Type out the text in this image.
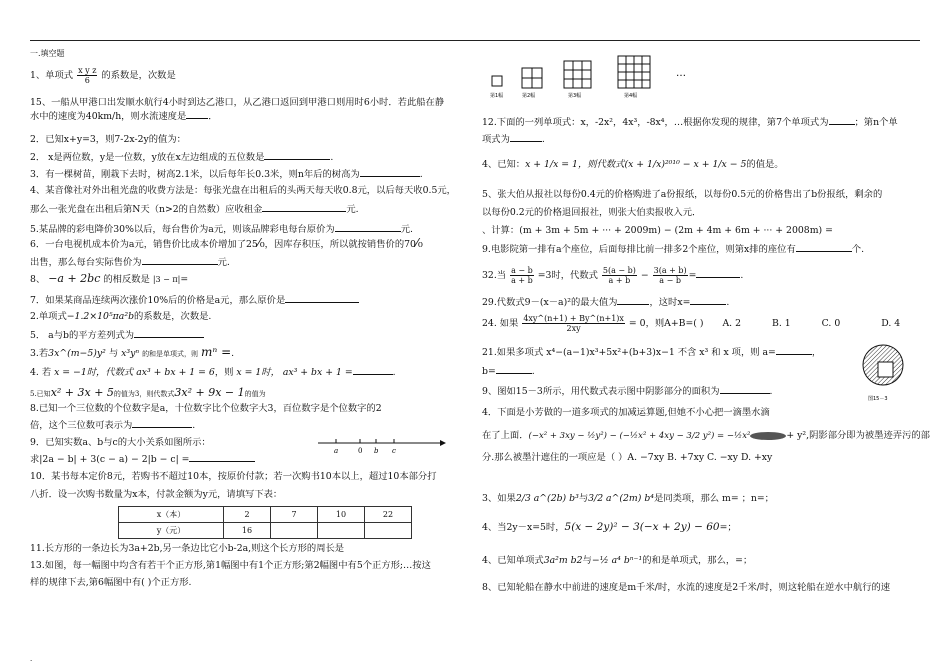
一.填空题
1、单项式 $\frac{\text{x y z}}{6}$ 的系数是，次数是
15、一船从甲港口出发顺水航行4小时到达乙港口，从乙港口返回到甲港口则用时6小时．若此船在静
水中的速度为40km/h，则水流速度是 ．
2．已知x+y=3，则7-2x-2y的值为：
2． x是两位数，y是一位数，y放在x左边组成的五位数是	.
3．有一棵树苗，刚栽下去时，树高2.1米，以后每年长0.3米，则n年后的树高为	.
4、某音像社对外出租光盘的收费方法是：每张光盘在出租后的头两天每天收0.8元，以后每天收0.5元，
那么一张光盘在出租后第N天（n>2的自然数）应收租金	元.
5.某品牌的彩电降价30%以后，每台售价为a元，则该品牌彩电每台原价为	元.
6．一台电视机成本价为a元，销售价比成本价增加了25⁄₀，因库存积压，所以就按销售价的70⁄₀
出售，那么每台实际售价为	元.
8、 −a + 2bc 的相反数是 |3 − π|=
7．如果某商品连续两次涨价10%后的价格是a元，那么原价是
2.单项式−1.2×10⁵πa²b的系数是，次数是.
5． a与b的平方差列式为
3.若3x^(m−5)y² 与 x³yⁿ 的和是单项式，则 mⁿ =.
4. 若 x = −1时，代数式 ax³ + bx + 1 = 6，则 x = 1时， ax³ + bx + 1 =	.
5.已知x² + 3x + 5的值为3，则代数式3x² + 9x − 1的值为
8.已知一个三位数的个位数字是a，十位数字比个位数字大3，百位数字是个位数字的2
倍，这个三位数可表示为	.
9．已知实数a、b与c的大小关系如图所示：
求|2a − b| + 3(c − a) − 2|b − c| =
a	0 b c
10．某书每本定价8元，若购书不超过10本，按原价付款；若一次购书10本以上，超过10本部分打
八折．设一次购书数量为x本，付款金额为y元，请填写下表：
x（本）	2	7	10	22
y（元）	16			
11.长方形的一条边长为3a+2b,另一条边比它小b-2a,则这个长方形的周长是
13.如图，每一幅图中均含有若干个正方形,第1幅图中有1个正方形;第2幅图中有5个正方形;…按这
样的规律下去,第6幅图中有( )个正方形.
…
第1幅	第2幅	第3幅	第4幅
12.下面的一列单项式：x，-2x²，4x³，-8x⁴，…根据你发现的规律，第7个单项式为	；第n个单
项式为	.
4、已知：x + 1/x = 1，则代数式(x + 1/x)²⁰¹⁰ − x + 1/x − 5的值是。
5、张大伯从报社以每份0.4元的价格购进了a份报纸，以每份0.5元的价格售出了b份报纸，剩余的
以每份0.2元的价格退回报社，则张大伯卖报收入元．
、计算：(m + 3m + 5m + ··· + 2009m) − (2m + 4m + 6m + ··· + 2008m) =
9.电影院第一排有a个座位，后面每排比前一排多2个座位，则第x排的座位有	个.
32.当 $\frac{a - b}{a + b} =3$时，代数式 $\frac{5(a - b)}{a + b} - \frac{3(a + b)}{a - b}$ =	.
29.代数式9－(x－a)²的最大值为	，这时x=	.
24. 如果 $\frac{4xy\^{}(n+1) + By\^{}(n+1)x}{2xy} = 0$，则A+B=( ) A. 2	B. 1	C. 0	D. 4
21.如果多项式 x⁴−(a−1)x³+5x²+(b+3)x−1 不含 x³ 和 x 项，则 a=	，
b=	.
图15－3
9、图如15－3所示，用代数式表示图中阴影部分的面积为	.
4．下面是小芳做的一道多项式的加减运算题,但她不小心把一滴墨水滴
在了上面．(−x² + 3xy − ½y²) − (−½x² + 4xy − 3/2 y²) = −½x²	+ y²,阴影部分即为被墨迹弄污的部
分.那么被墨汁遮住的一项应是（ ）A. −7xy B. +7xy C. −xy D. +xy
3、如果2/3 a^(2b) b³与3/2 a^(2m) b⁴是同类项，那么 m= ；n=；
4、当2y－x=5时，5(x − 2y)² − 3(−x + 2y) − 60=；
4、已知单项式3a²m b2与−½ a⁴ bⁿ⁻¹的和是单项式，那么，=；
8、已知轮船在静水中前进的速度是m千米/时，水流的速度是2千米/时，则这轮船在逆水中航行的速
.
